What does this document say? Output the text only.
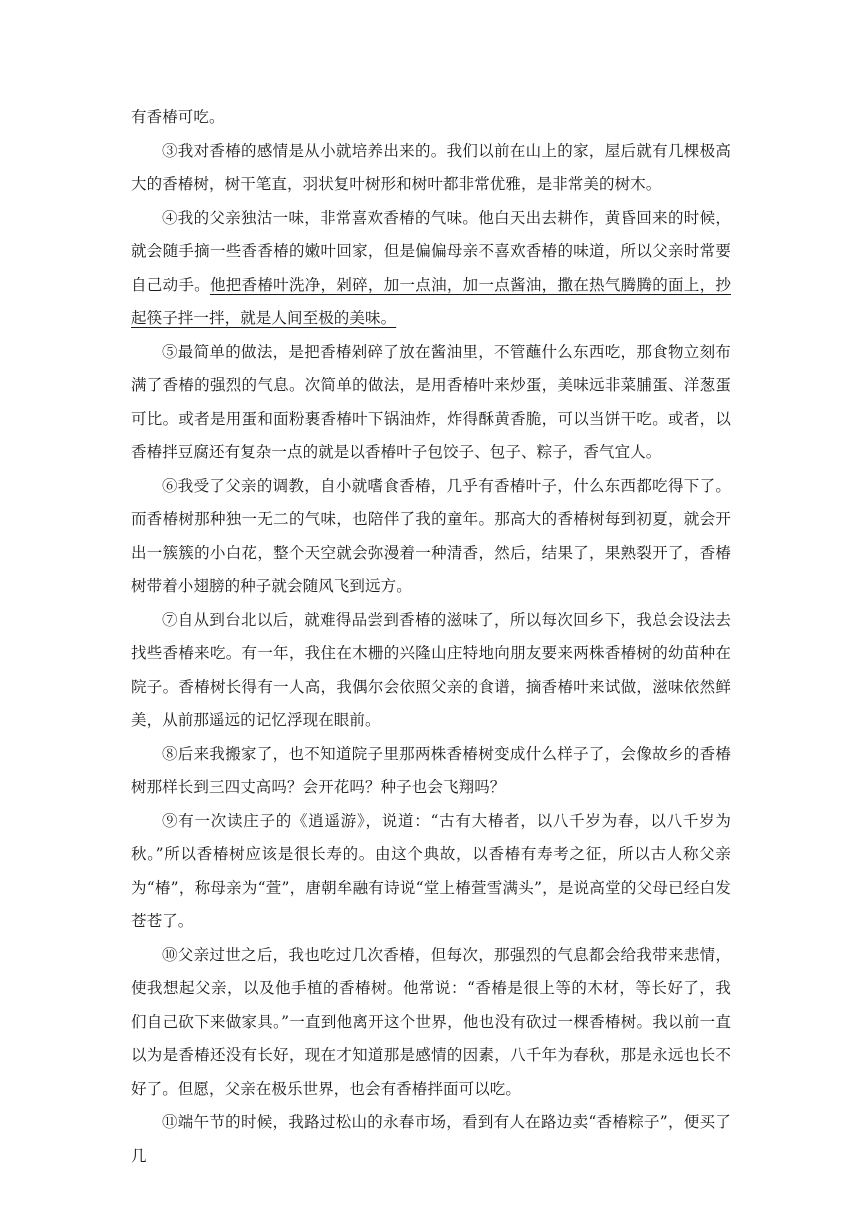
有香椿可吃。

③我对香椿的感情是从小就培养出来的。我们以前在山上的家，屋后就有几棵极高大的香椿树，树干笔直，羽状复叶树形和树叶都非常优雅，是非常美的树木。

④我的父亲独沽一味，非常喜欢香椿的气味。他白天出去耕作，黄昏回来的时候，就会随手摘一些香香椿的嫩叶回家，但是偏偏母亲不喜欢香椿的味道，所以父亲时常要自己动手。他把香椿叶洗净，剁碎，加一点油，加一点酱油，撒在热气腾腾的面上，抄起筷子拌一拌，就是人间至极的美味。

⑤最简单的做法，是把香椿剁碎了放在酱油里，不管蘸什么东西吃，那食物立刻布满了香椿的强烈的气息。次简单的做法，是用香椿叶来炒蛋，美味远非菜脯蛋、洋葱蛋可比。或者是用蛋和面粉裹香椿叶下锅油炸，炸得酥黄香脆，可以当饼干吃。或者，以香椿拌豆腐还有复杂一点的就是以香椿叶子包饺子、包子、粽子，香气宜人。

⑥我受了父亲的调教，自小就嗜食香椿，几乎有香椿叶子，什么东西都吃得下了。而香椿树那种独一无二的气味，也陪伴了我的童年。那高大的香椿树每到初夏，就会开出一簇簇的小白花，整个天空就会弥漫着一种清香，然后，结果了，果熟裂开了，香椿树带着小翅膀的种子就会随风飞到远方。

⑦自从到台北以后，就难得品尝到香椿的滋味了，所以每次回乡下，我总会设法去找些香椿来吃。有一年，我住在木栅的兴隆山庄特地向朋友要来两株香椿树的幼苗种在院子。香椿树长得有一人高，我偶尔会依照父亲的食谱，摘香椿叶来试做，滋味依然鲜美，从前那遥远的记忆浮现在眼前。

⑧后来我搬家了，也不知道院子里那两株香椿树变成什么样子了，会像故乡的香椿树那样长到三四丈高吗？会开花吗？种子也会飞翔吗？

⑨有一次读庄子的《逍遥游》，说道：“古有大椿者，以八千岁为春，以八千岁为秋。”所以香椿树应该是很长寿的。由这个典故，以香椿有寿考之征，所以古人称父亲为“椿”，称母亲为“萱”，唐朝牟融有诗说“堂上椿萱雪满头”，是说高堂的父母已经白发苍苍了。

⑩父亲过世之后，我也吃过几次香椿，但每次，那强烈的气息都会给我带来悲情，使我想起父亲，以及他手植的香椿树。他常说：“香椿是很上等的木材，等长好了，我们自己砍下来做家具。”一直到他离开这个世界，他也没有砍过一棵香椿树。我以前一直以为是香椿还没有长好，现在才知道那是感情的因素，八千年为春秋，那是永远也长不好了。但愿，父亲在极乐世界，也会有香椿拌面可以吃。

⑪端午节的时候，我路过松山的永春市场，看到有人在路边卖“香椿粽子”，便买了几
